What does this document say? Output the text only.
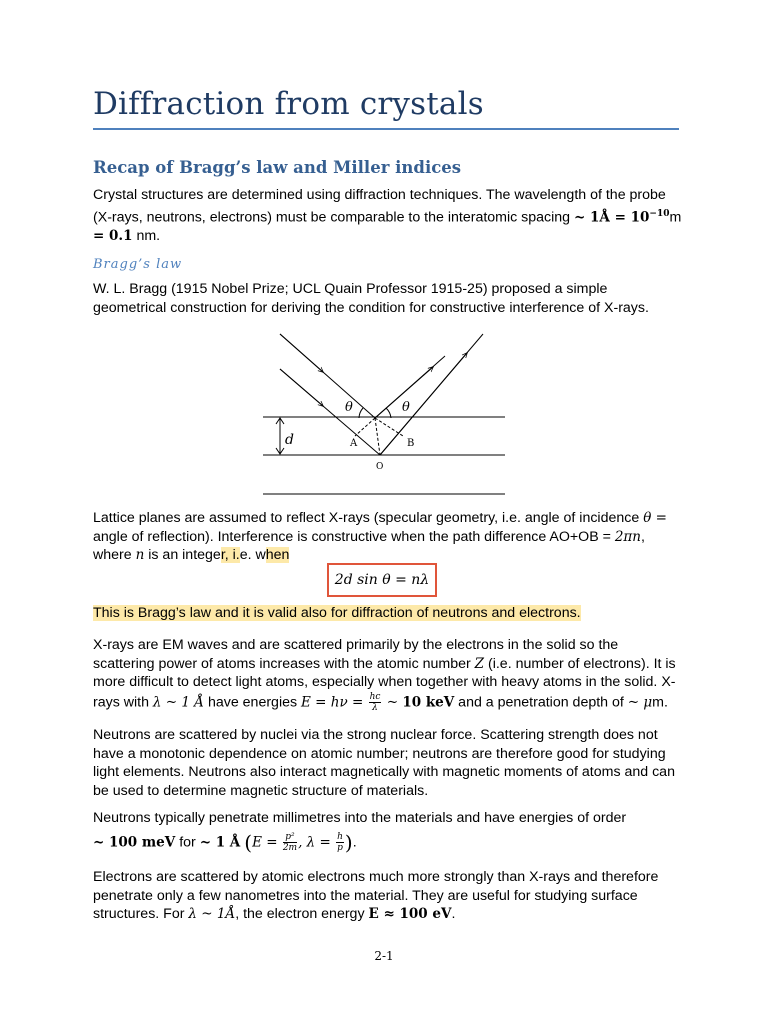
Diffraction from crystals
Recap of Bragg’s law and Miller indices
Crystal structures are determined using diffraction techniques. The wavelength of the probe (X-rays, neutrons, electrons) must be comparable to the interatomic spacing ~ 1Å = $10^{-10}m$
= 0.1 nm.
Bragg’s law
W. L. Bragg (1915 Nobel Prize; UCL Quain Professor 1915-25) proposed a simple geometrical construction for deriving the condition for constructive interference of X-rays.
θ	θ
d	A	B
O
Lattice planes are assumed to reflect X-rays (specular geometry, i.e. angle of incidence θ = angle of reflection). Interference is constructive when the path difference AO+OB = 2πn, where n is an integer, i.e. when
2d sin θ = nλ
This is Bragg’s law and it is valid also for diffraction of neutrons and electrons.
X-rays are EM waves and are scattered primarily by the electrons in the solid so the scattering power of atoms increases with the atomic number Z (i.e. number of electrons). It is more difficult to detect light atoms, especially when together with heavy atoms in the solid. X-rays with λ ~ 1 Å have energies $E = h\nu = \frac{hc}{\lambda}$ ~ 10 keV and a penetration depth of ~ μm.
Neutrons are scattered by nuclei via the strong nuclear force. Scattering strength does not have a monotonic dependence on atomic number; neutrons are therefore good for studying light elements. Neutrons also interact magnetically with magnetic moments of atoms and can be used to determine magnetic structure of materials.
Neutrons typically penetrate millimetres into the materials and have energies of order
~ 100 meV for ~ 1 Å ($E = \frac{\text{p²}}{2m}$ , $\lambda = \frac{h}{p}$ ).
Electrons are scattered by atomic electrons much more strongly than X-rays and therefore penetrate only a few nanometres into the material. They are useful for studying surface structures. For λ ~ 1Å, the electron energy E ≈ 100 eV.
2-1
